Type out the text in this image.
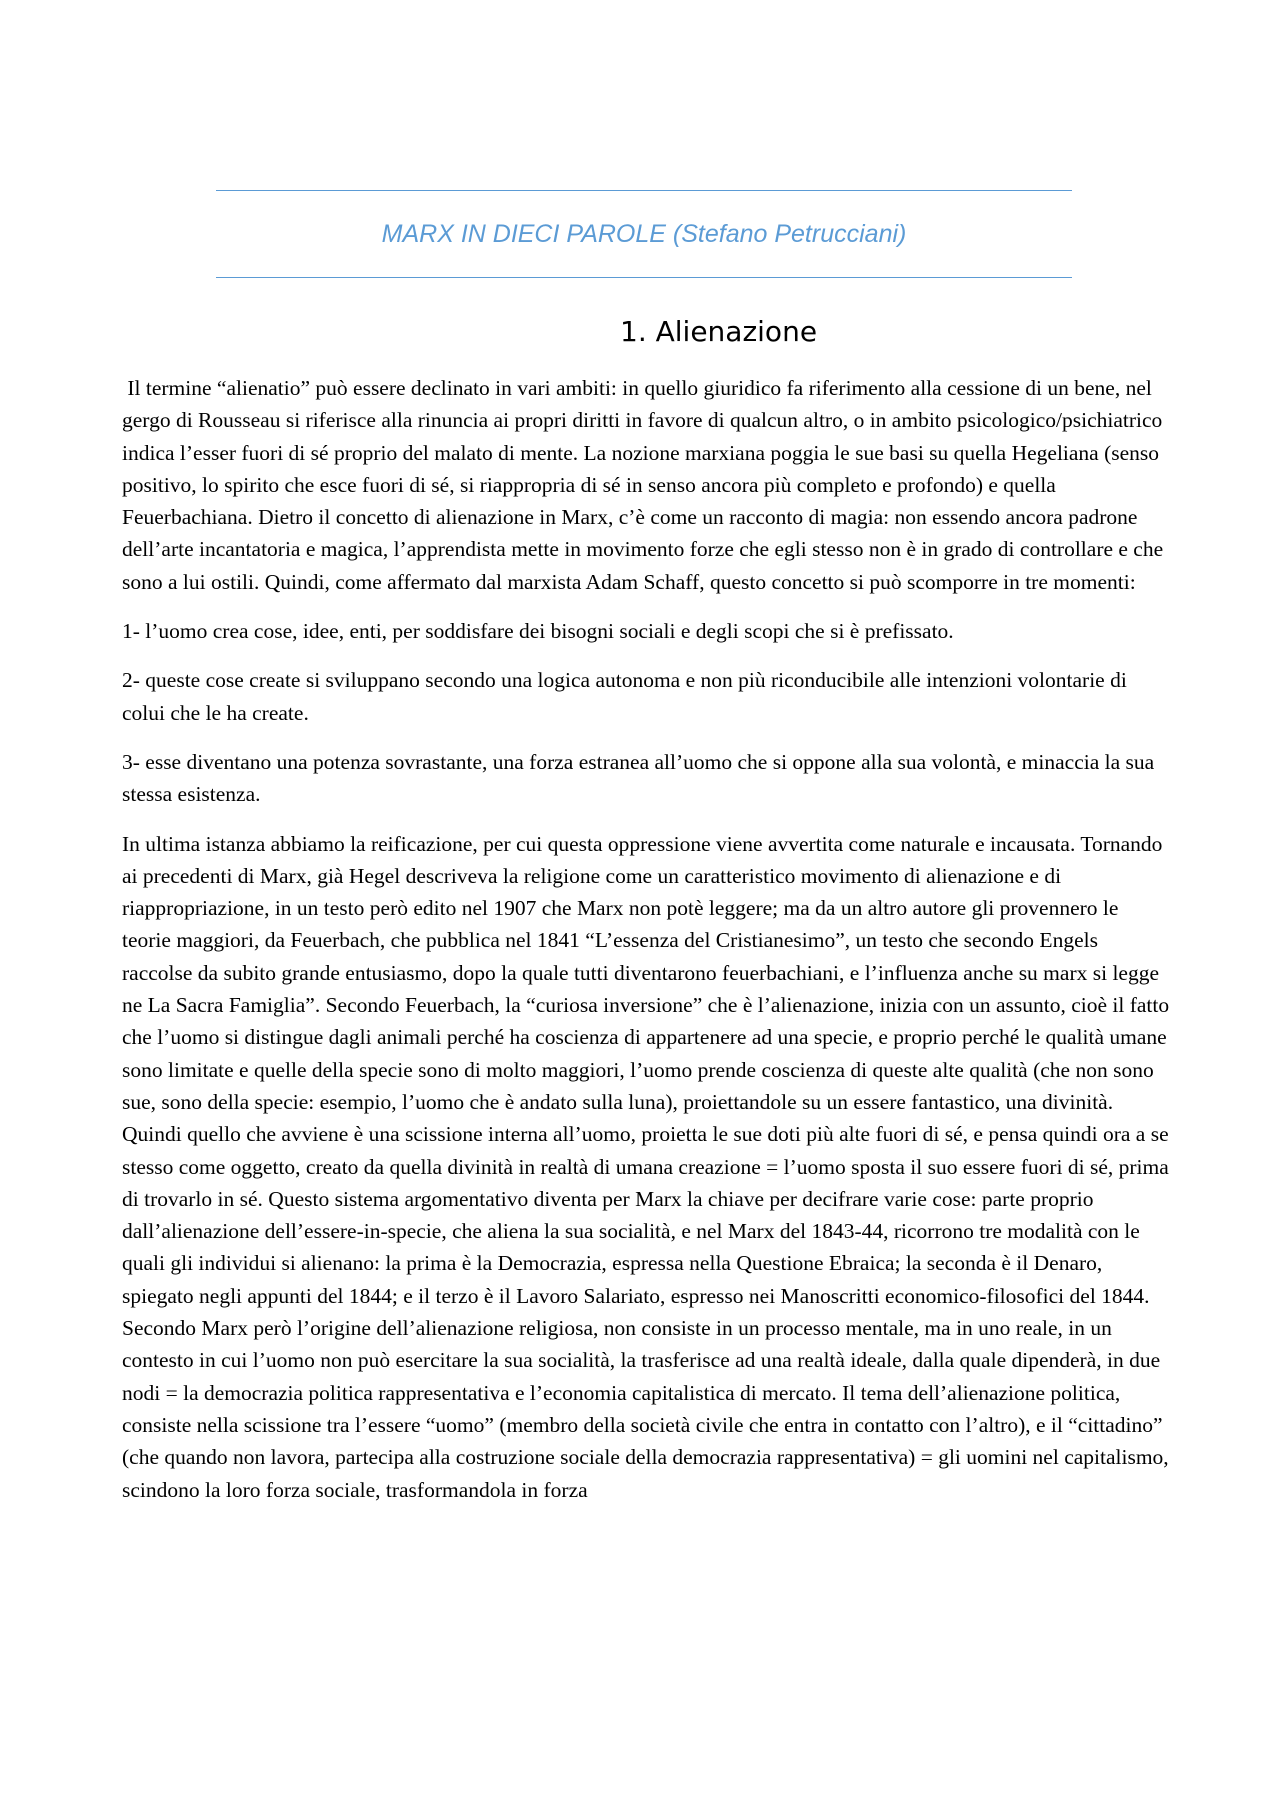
MARX IN DIECI PAROLE (Stefano Petrucciani)
1. Alienazione

Il termine “alienatio” può essere declinato in vari ambiti: in quello giuridico fa riferimento alla cessione di un bene, nel gergo di Rousseau si riferisce alla rinuncia ai propri diritti in favore di qualcun altro, o in ambito psicologico/psichiatrico indica l’esser fuori di sé proprio del malato di mente. La nozione marxiana poggia le sue basi su quella Hegeliana (senso positivo, lo spirito che esce fuori di sé, si riappropria di sé in senso ancora più completo e profondo) e quella Feuerbachiana. Dietro il concetto di alienazione in Marx, c’è come un racconto di magia: non essendo ancora padrone dell’arte incantatoria e magica, l’apprendista mette in movimento forze che egli stesso non è in grado di controllare e che sono a lui ostili. Quindi, come affermato dal marxista Adam Schaff, questo concetto si può scomporre in tre momenti:

1- l’uomo crea cose, idee, enti, per soddisfare dei bisogni sociali e degli scopi che si è prefissato.

2- queste cose create si sviluppano secondo una logica autonoma e non più riconducibile alle intenzioni volontarie di colui che le ha create.

3- esse diventano una potenza sovrastante, una forza estranea all’uomo che si oppone alla sua volontà, e minaccia la sua stessa esistenza.

In ultima istanza abbiamo la reificazione, per cui questa oppressione viene avvertita come naturale e incausata. Tornando ai precedenti di Marx, già Hegel descriveva la religione come un caratteristico movimento di alienazione e di riappropriazione, in un testo però edito nel 1907 che Marx non potè leggere; ma da un altro autore gli provennero le teorie maggiori, da Feuerbach, che pubblica nel 1841 “L’essenza del Cristianesimo”, un testo che secondo Engels raccolse da subito grande entusiasmo, dopo la quale tutti diventarono feuerbachiani, e l’influenza anche su marx si legge ne La Sacra Famiglia”. Secondo Feuerbach, la “curiosa inversione” che è l’alienazione, inizia con un assunto, cioè il fatto che l’uomo si distingue dagli animali perché ha coscienza di appartenere ad una specie, e proprio perché le qualità umane sono limitate e quelle della specie sono di molto maggiori, l’uomo prende coscienza di queste alte qualità (che non sono sue, sono della specie: esempio, l’uomo che è andato sulla luna), proiettandole su un essere fantastico, una divinità. Quindi quello che avviene è una scissione interna all’uomo, proietta le sue doti più alte fuori di sé, e pensa quindi ora a se stesso come oggetto, creato da quella divinità in realtà di umana creazione = l’uomo sposta il suo essere fuori di sé, prima di trovarlo in sé. Questo sistema argomentativo diventa per Marx la chiave per decifrare varie cose: parte proprio dall’alienazione dell’essere-in-specie, che aliena la sua socialità, e nel Marx del 1843-44, ricorrono tre modalità con le quali gli individui si alienano: la prima è la Democrazia, espressa nella Questione Ebraica; la seconda è il Denaro, spiegato negli appunti del 1844; e il terzo è il Lavoro Salariato, espresso nei Manoscritti economico-filosofici del 1844. Secondo Marx però l’origine dell’alienazione religiosa, non consiste in un processo mentale, ma in uno reale, in un contesto in cui l’uomo non può esercitare la sua socialità, la trasferisce ad una realtà ideale, dalla quale dipenderà, in due nodi = la democrazia politica rappresentativa e l’economia capitalistica di mercato. Il tema dell’alienazione politica, consiste nella scissione tra l’essere “uomo” (membro della società civile che entra in contatto con l’altro), e il “cittadino” (che quando non lavora, partecipa alla costruzione sociale della democrazia rappresentativa) = gli uomini nel capitalismo, scindono la loro forza sociale, trasformandola in forza
